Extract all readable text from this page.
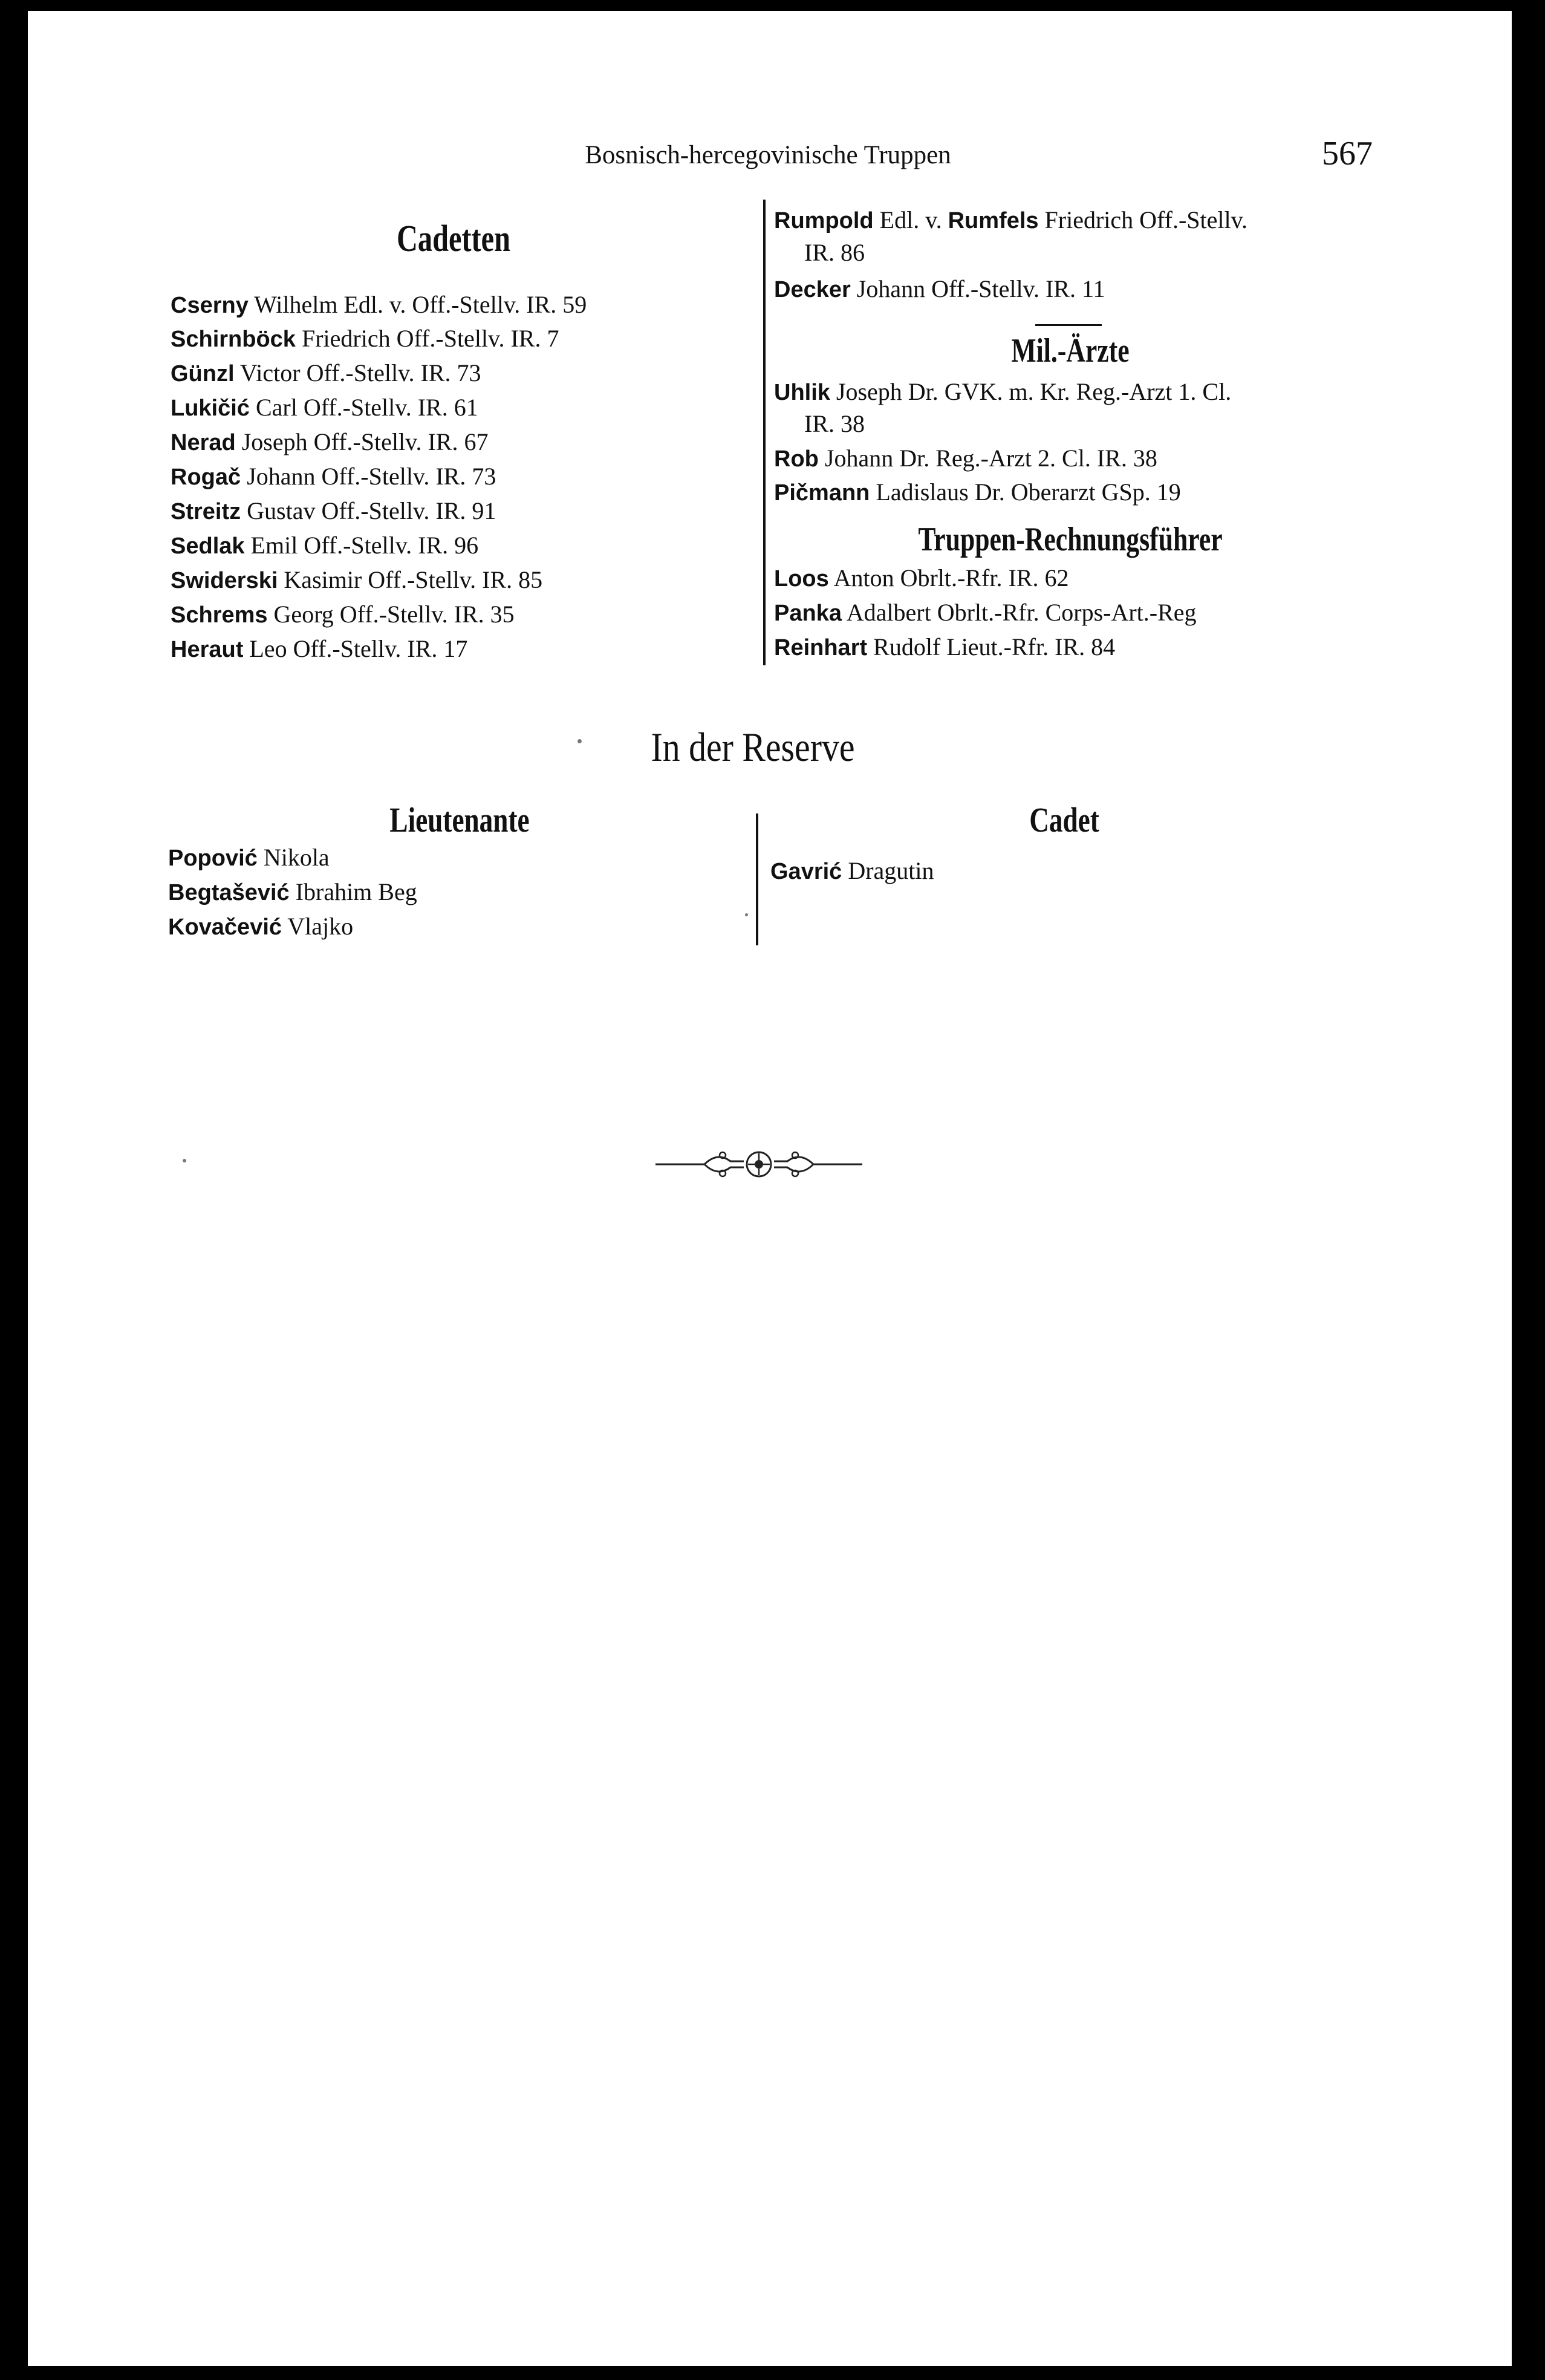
Bosnisch-hercegovinische Truppen	567
Cadetten
Cserny Wilhelm Edl. v. Off.-Stellv. IR. 59
Schirnböck Friedrich Off.-Stellv. IR. 7
Günzl Victor Off.-Stellv. IR. 73
Lukičić Carl Off.-Stellv. IR. 61
Nerad Joseph Off.-Stellv. IR. 67
Rogač Johann Off.-Stellv. IR. 73
Streitz Gustav Off.-Stellv. IR. 91
Sedlak Emil Off.-Stellv. IR. 96
Swiderski Kasimir Off.-Stellv. IR. 85
Schrems Georg Off.-Stellv. IR. 35
Heraut Leo Off.-Stellv. IR. 17
Rumpold Edl. v. Rumfels Friedrich Off.-Stellv.
IR. 86
Decker Johann Off.-Stellv. IR. 11
Mil.-Ärzte
Uhlik Joseph Dr. GVK. m. Kr. Reg.-Arzt 1. Cl.
IR. 38
Rob Johann Dr. Reg.-Arzt 2. Cl. IR. 38
Pičmann Ladislaus Dr. Oberarzt GSp. 19
Truppen-Rechnungsführer
Loos Anton Obrlt.-Rfr. IR. 62
Panka Adalbert Obrlt.-Rfr. Corps-Art.-Reg
Reinhart Rudolf Lieut.-Rfr. IR. 84
In der Reserve
Lieutenante
Popović Nikola
Begtašević Ibrahim Beg
Kovačević Vlajko
Cadet
Gavrić Dragutin
